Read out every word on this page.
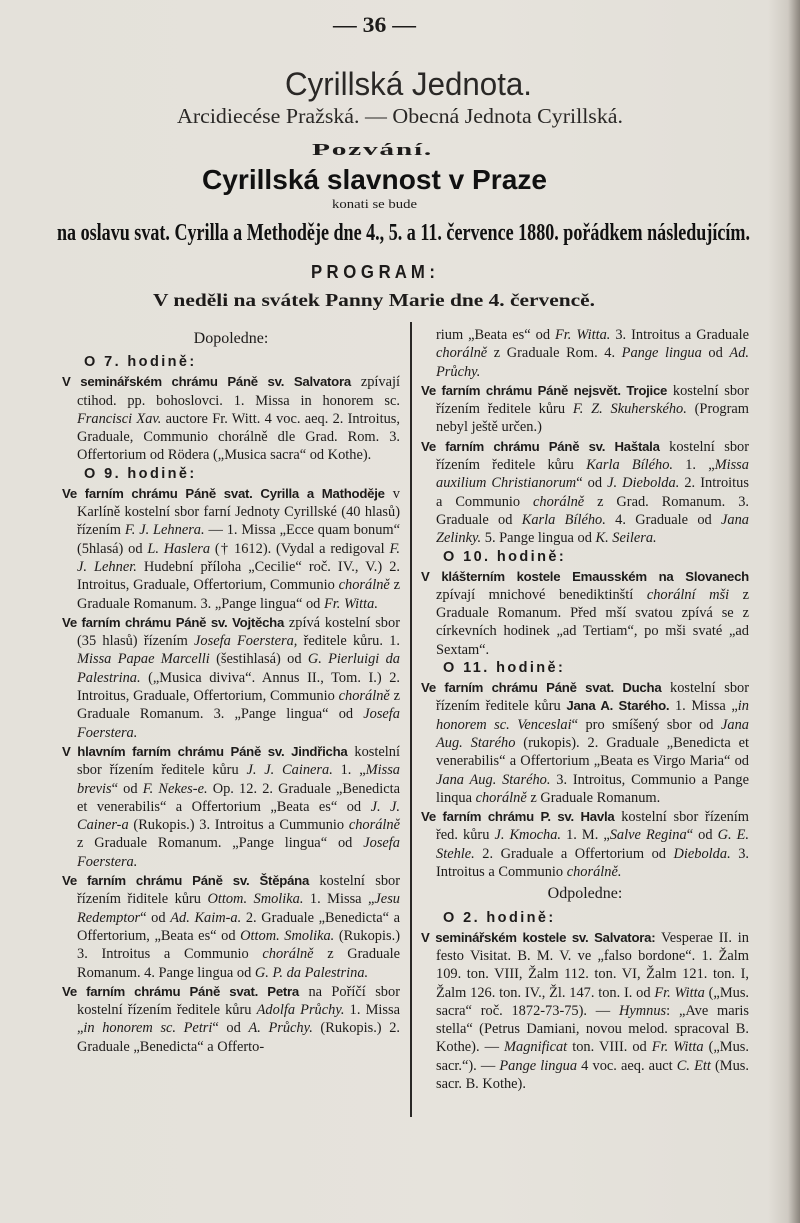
— 36 —
Cyrillská Jednota.
Arcidiecése Pražská. — Obecná Jednota Cyrillská.
Pozvání.
Cyrillská slavnost v Praze
konati se bude
na oslavu svat. Cyrilla a Methoděje dne 4., 5. a 11. července 1880. pořádkem následujícím.
P R O G R A M :
V neděli na svátek Panny Marie dne 4. červencě.
Dopoledne:
O 7. hodině:
V seminářském chrámu Páně sv. Salvatora zpívají ctihod. pp. bohoslovci. 1. Missa in honorem sc. Francisci Xav. auctore Fr. Witt. 4 voc. aeq. 2. Introitus, Graduale, Communio chorálně dle Grad. Rom. 3. Offertorium od Rödera („Musica sacra“ od Kothe).
O 9. hodině:
Ve farním chrámu Páně svat. Cyrilla a Mathoděje v Karlíně kostelní sbor farní Jednoty Cyrillské (40 hlasů) řízením F. J. Lehnera. — 1. Missa „Ecce quam bonum“ (5hlasá) od L. Haslera († 1612). (Vydal a redigoval F. J. Lehner. Hudební příloha „Cecilie“ roč. IV., V.) 2. Introitus, Graduale, Offertorium, Communio chorálně z Graduale Romanum. 3. „Pange lingua“ od Fr. Witta.
Ve farním chrámu Páně sv. Vojtěcha zpívá kostelní sbor (35 hlasů) řízením Josefa Foerstera, ředitele kůru. 1. Missa Papae Marcelli (šestihlasá) od G. Pierluigi da Palestrina. („Musica diviva“. Annus II., Tom. I.) 2. Introitus, Graduale, Offertorium, Communio chorálně z Graduale Romanum. 3. „Pange lingua“ od Josefa Foerstera.
V hlavním farním chrámu Páně sv. Jindřicha kostelní sbor řízením ředitele kůru J. J. Cainera. 1. „Missa brevis“ od F. Nekes-e. Op. 12. 2. Graduale „Benedicta et venerabilis“ a Offertorium „Beata es“ od J. J. Cainer-a (Rukopis.) 3. Introitus a Cummunio chorálně z Graduale Romanum. „Pange lingua“ od Josefa Foerstera.
Ve farním chrámu Páně sv. Štěpána kostelní sbor řízením řiditele kůru Ottom. Smolika. 1. Missa „Jesu Redemptor“ od Ad. Kaim-a. 2. Graduale „Benedicta“ a Offertorium, „Beata es“ od Ottom. Smolika. (Rukopis.) 3. Introitus a Communio chorálně z Graduale Romanum. 4. Pange lingua od G. P. da Palestrina.
Ve farním chrámu Páně svat. Petra na Poříčí sbor kostelní řízením ředitele kůru Adolfa Průchy. 1. Missa „in honorem sc. Petri“ od A. Průchy. (Rukopis.) 2. Graduale „Benedicta“ a Offerto-
rium „Beata es“ od Fr. Witta. 3. Introitus a Graduale chorálně z Graduale Rom. 4. Pange lingua od Ad. Průchy.
Ve farním chrámu Páně nejsvět. Trojice kostelní sbor řízením ředitele kůru F. Z. Skuherského. (Program nebyl ještě určen.)
Ve farním chrámu Páně sv. Haštala kostelní sbor řízením ředitele kůru Karla Bílého. 1. „Missa auxilium Christianorum“ od J. Diebolda. 2. Introitus a Communio chorálně z Grad. Romanum. 3. Graduale od Karla Bílého. 4. Graduale od Jana Zelinky. 5. Pange lingua od K. Seilera.
O 10. hodině:
V klášterním kostele Emausském na Slovanech zpívají mnichové benediktinští chorální mši z Graduale Romanum. Před mší svatou zpívá se z církevních hodinek „ad Tertiam“, po mši svaté „ad Sextam“.
O 11. hodině:
Ve farním chrámu Páně svat. Ducha kostelní sbor řízením ředitele kůru Jana A. Starého. 1. Missa „in honorem sc. Venceslai“ pro smíšený sbor od Jana Aug. Starého (rukopis). 2. Graduale „Benedicta et venerabilis“ a Offertorium „Beata es Virgo Maria“ od Jana Aug. Starého. 3. Introitus, Communio a Pange linqua chorálně z Graduale Romanum.
Ve farním chrámu P. sv. Havla kostelní sbor řízením řed. kůru J. Kmocha. 1. M. „Salve Regina“ od G. E. Stehle. 2. Graduale a Offertorium od Diebolda. 3. Introitus a Communio chorálně.
Odpoledne:
O 2. hodině:
V seminářském kostele sv. Salvatora: Vesperae II. in festo Visitat. B. M. V. ve „falso bordone“. 1. Žalm 109. ton. VIII, Žalm 112. ton. VI, Žalm 121. ton. I, Žalm 126. ton. IV., Žl. 147. ton. I. od Fr. Witta („Mus. sacra“ roč. 1872-73-75). — Hymnus: „Ave maris stella“ (Petrus Damiani, novou melod. spracoval B. Kothe). — Magnificat ton. VIII. od Fr. Witta („Mus. sacr.“). — Pange lingua 4 voc. aeq. auct C. Ett (Mus. sacr. B. Kothe).
